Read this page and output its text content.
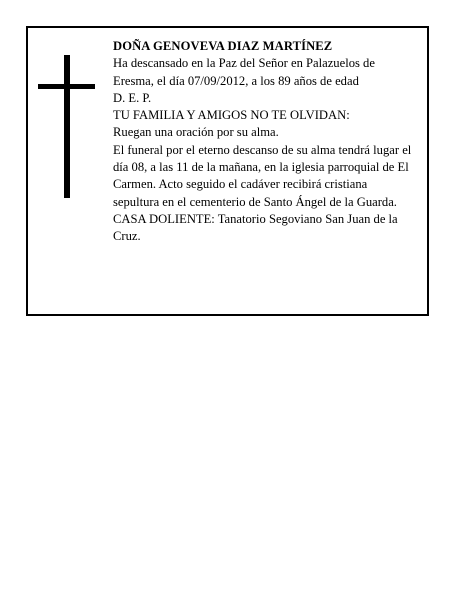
DOÑA GENOVEVA DIAZ MARTÍNEZ
Ha descansado en la Paz del Señor en Palazuelos de Eresma, el día 07/09/2012, a los 89 años de edad
D. E. P.
TU FAMILIA Y AMIGOS NO TE OLVIDAN:
Ruegan una oración por su alma.
El funeral por el eterno descanso de su alma tendrá lugar el día 08, a las 11 de la mañana, en la iglesia parroquial de El Carmen. Acto seguido el cadáver recibirá cristiana sepultura en el cementerio de Santo Ángel de la Guarda.
CASA DOLIENTE: Tanatorio Segoviano San Juan de la Cruz.
